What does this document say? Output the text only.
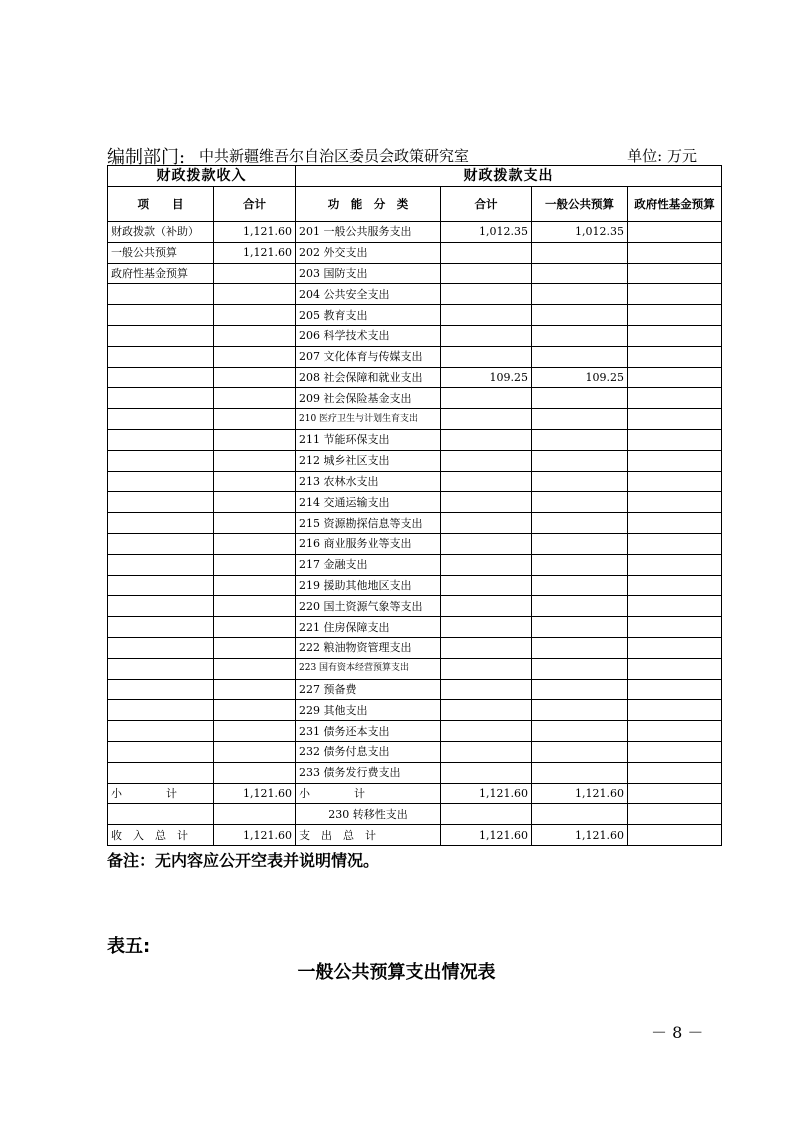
编制部门: 中共新疆维吾尔自治区委员会政策研究室	单位: 万元
财政拨款收入		财政拨款支出			
项　　目	合计	功　能　分　类	合计	一般公共预算	政府性基金预算
财政拨款（补助）	1,121.60	201 一般公共服务支出	1,012.35	1,012.35	
一般公共预算	1,121.60	202 外交支出			
政府性基金预算		203 国防支出			
		204 公共安全支出			
		205 教育支出			
		206 科学技术支出			
		207 文化体育与传媒支出			
		208 社会保障和就业支出	109.25	109.25	
		209 社会保险基金支出			
		210 医疗卫生与计划生育支出			
		211 节能环保支出			
		212 城乡社区支出			
		213 农林水支出			
		214 交通运输支出			
		215 资源勘探信息等支出			
		216 商业服务业等支出			
		217 金融支出			
		219 援助其他地区支出			
		220 国土资源气象等支出			
		221 住房保障支出			
		222 粮油物资管理支出			
		223 国有资本经营预算支出			
		227 预备费			
		229 其他支出			
		231 债务还本支出			
		232 债务付息支出			
		233 债务发行费支出			
小　　　　计	1,121.60	小　　　　计	1,121.60	1,121.60	
		230 转移性支出			
收　入　总　计	1,121.60	支　出　总　计	1,121.60	1,121.60	
备注：无内容应公开空表并说明情况。
表五:
一般公共预算支出情况表
－ 8 －
